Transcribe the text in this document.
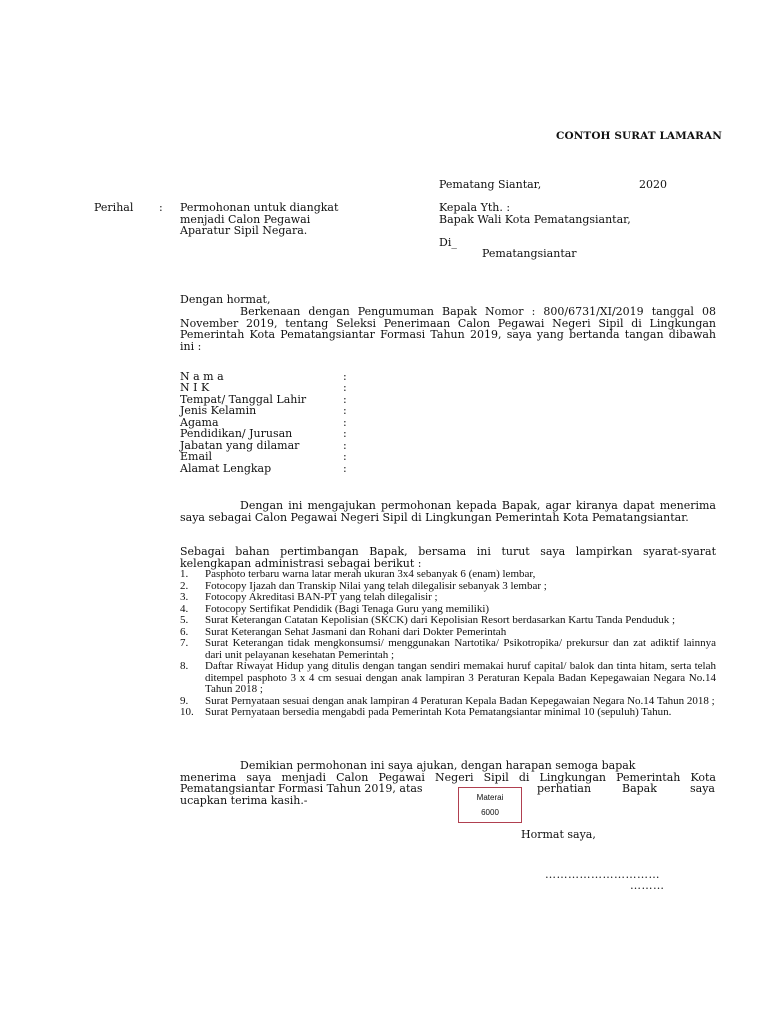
CONTOH SURAT LAMARAN
Pematang Siantar,	2020
Perihal : Permohonan untuk diangkat
menjadi Calon Pegawai
Aparatur Sipil Negara.
Kepala Yth. :
Bapak Wali Kota Pematangsiantar,
Di_
Pematangsiantar
Dengan hormat,
Berkenaan dengan Pengumuman Bapak Nomor : 800/6731/XI/2019 tanggal 08 November 2019, tentang Seleksi Penerimaan Calon Pegawai Negeri Sipil di Lingkungan Pemerintah Kota Pematangsiantar Formasi Tahun 2019, saya yang bertanda tangan dibawah ini :
N a m a	:
N I K	:
Tempat/ Tanggal Lahir	:
Jenis Kelamin	:
Agama	:
Pendidikan/ Jurusan	:
Jabatan yang dilamar	:
Email	:
Alamat Lengkap	:
Dengan ini mengajukan permohonan kepada Bapak, agar kiranya dapat menerima saya sebagai Calon Pegawai Negeri Sipil di Lingkungan Pemerintah Kota Pematangsiantar.
Sebagai bahan pertimbangan Bapak, bersama ini turut saya lampirkan syarat-syarat kelengkapan administrasi sebagai berikut :
1. Pasphoto terbaru warna latar merah ukuran 3x4 sebanyak 6 (enam) lembar,
2. Fotocopy Ijazah dan Transkip Nilai yang telah dilegalisir sebanyak 3 lembar ;
3. Fotocopy Akreditasi BAN-PT yang telah dilegalisir ;
4. Fotocopy Sertifikat Pendidik (Bagi Tenaga Guru yang memiliki)
5. Surat Keterangan Catatan Kepolisian (SKCK) dari Kepolisian Resort berdasarkan Kartu Tanda Penduduk ;
6. Surat Keterangan Sehat Jasmani dan Rohani dari Dokter Pemerintah
7. Surat Keterangan tidak mengkonsumsi/ menggunakan Nartotika/ Psikotropika/ prekursur dan zat adiktif lainnya dari unit pelayanan kesehatan Pemerintah ;
8. Daftar Riwayat Hidup yang ditulis dengan tangan sendiri memakai huruf capital/ balok dan tinta hitam, serta telah ditempel pasphoto 3 x 4 cm sesuai dengan anak lampiran 3 Peraturan Kepala Badan Kepegawaian Negara No.14 Tahun 2018 ;
9. Surat Pernyataan sesuai dengan anak lampiran 4 Peraturan Kepala Badan Kepegawaian Negara No.14 Tahun 2018 ;
10. Surat Pernyataan bersedia mengabdi pada Pemerintah Kota Pematangsiantar minimal 10 (sepuluh) Tahun.
Demikian permohonan ini saya ajukan, dengan harapan semoga bapak
menerima saya menjadi Calon Pegawai Negeri Sipil di Lingkungan Pemerintah Kota
Pematangsiantar Formasi Tahun 2019, atas	perhatian	Bapak	saya
ucapkan terima kasih.-	Materai
6000
Hormat saya,
…………………………
………
